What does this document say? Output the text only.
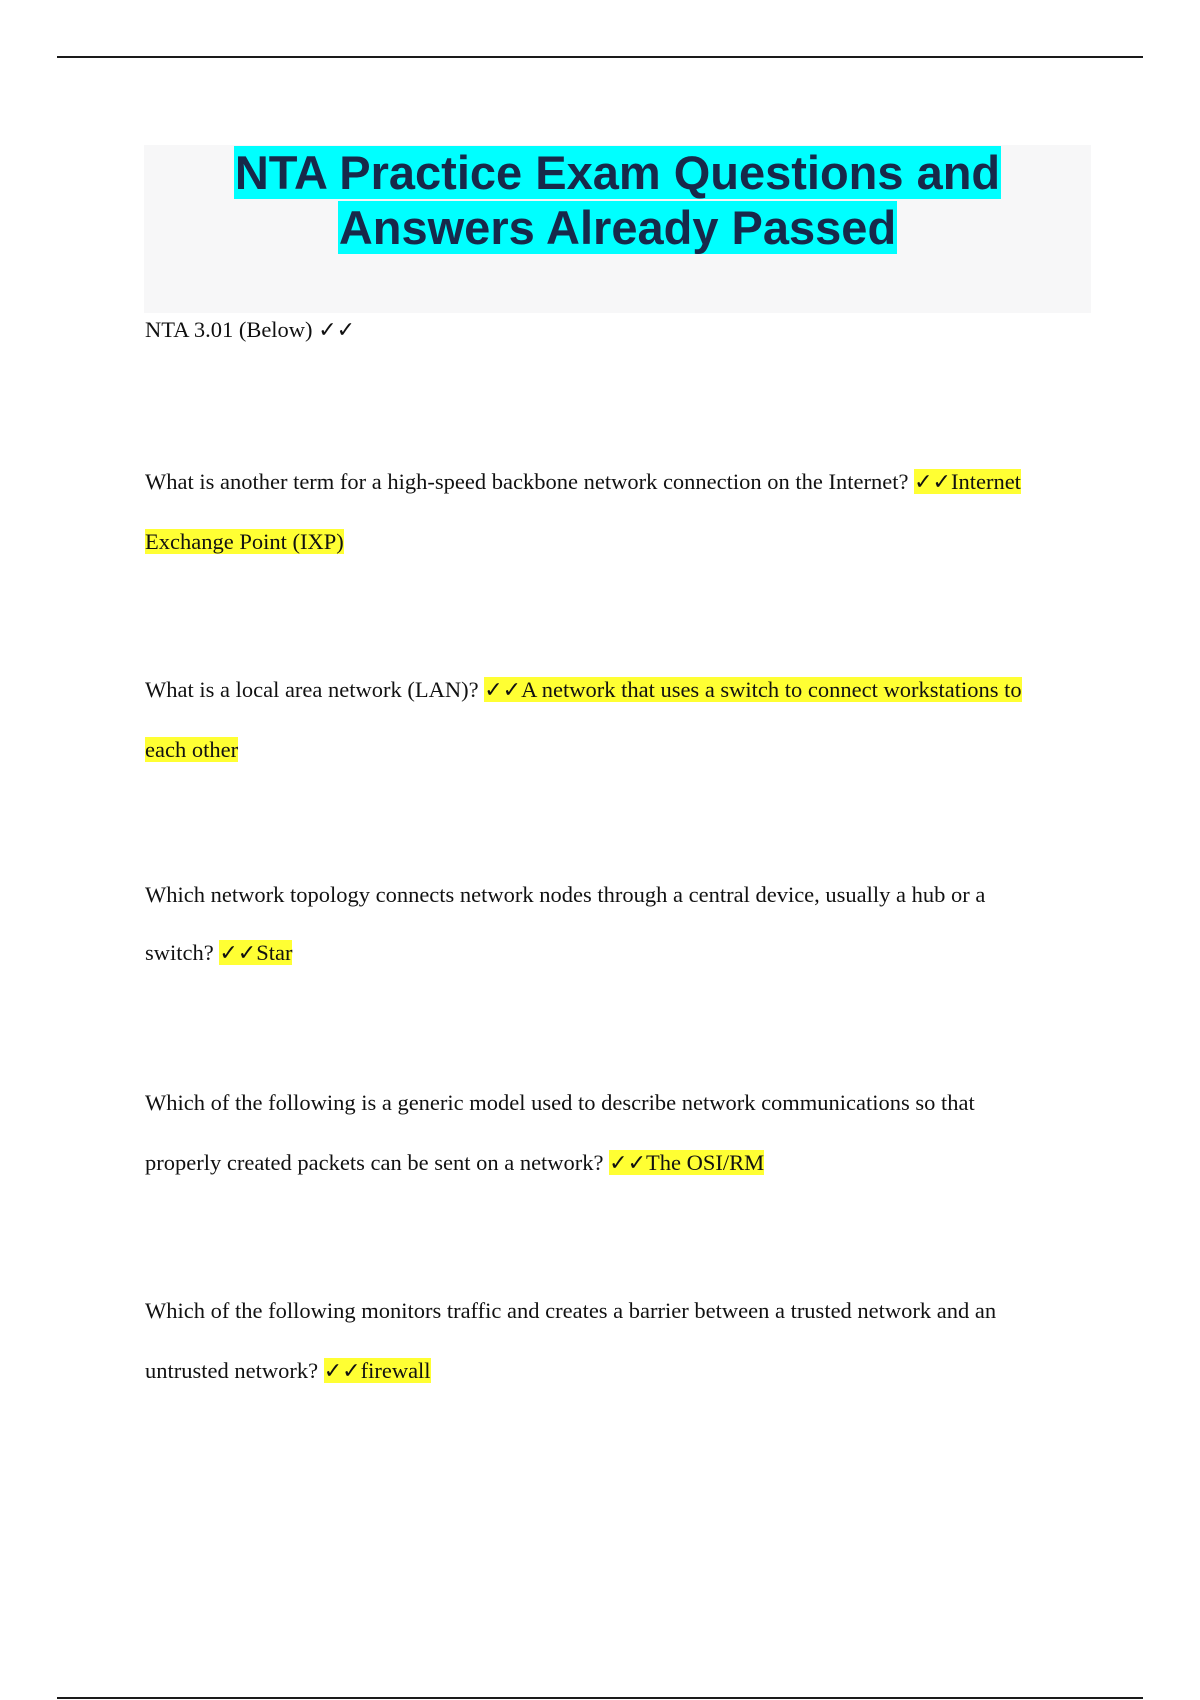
NTA Practice Exam Questions and
Answers Already Passed
NTA 3.01 (Below) ✓✓
What is another term for a high-speed backbone network connection on the Internet? ✓✓Internet
Exchange Point (IXP)
What is a local area network (LAN)? ✓✓A network that uses a switch to connect workstations to
each other
Which network topology connects network nodes through a central device, usually a hub or a
switch? ✓✓Star
Which of the following is a generic model used to describe network communications so that
properly created packets can be sent on a network? ✓✓The OSI/RM
Which of the following monitors traffic and creates a barrier between a trusted network and an
untrusted network? ✓✓firewall
